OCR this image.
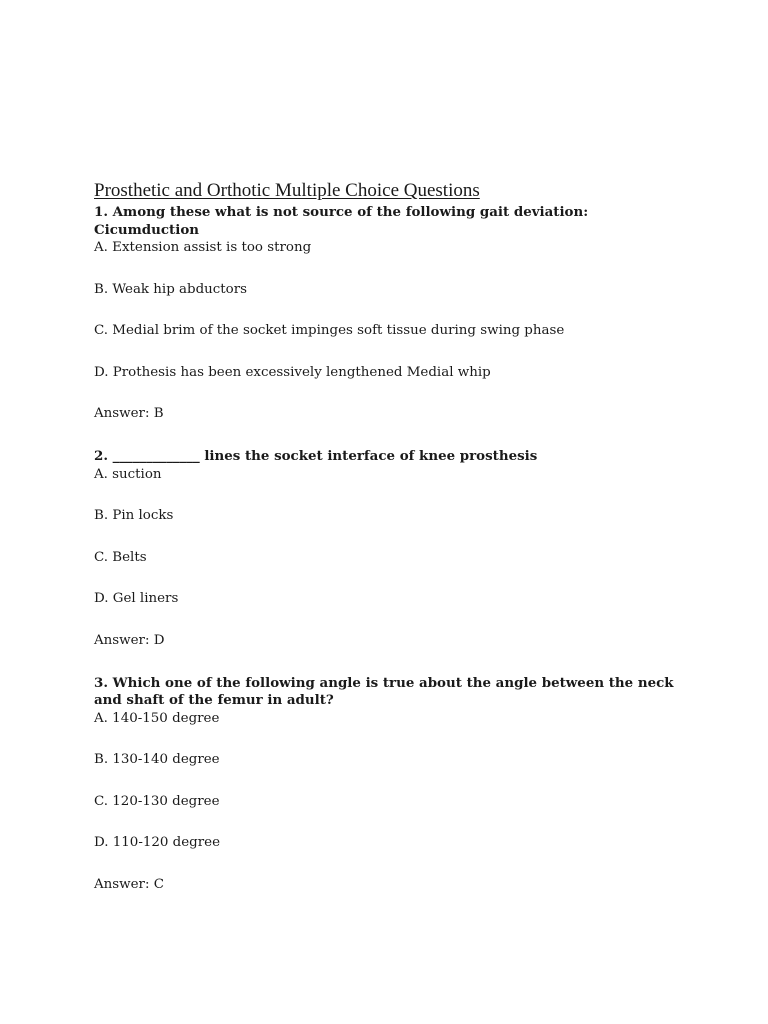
Prosthetic and Orthotic Multiple Choice Questions

1. Among these what is not source of the following gait deviation: Cicumduction

A. Extension assist is too strong

B. Weak hip abductors

C. Medial brim of the socket impinges soft tissue during swing phase

D. Prothesis has been excessively lengthened Medial whip

Answer: B

2. _____________ lines the socket interface of knee prosthesis

A. suction

B. Pin locks

C. Belts

D. Gel liners

Answer: D

3. Which one of the following angle is true about the angle between the neck and shaft of the femur in adult?

A. 140-150 degree

B. 130-140 degree

C. 120-130 degree

D. 110-120 degree

Answer: C
